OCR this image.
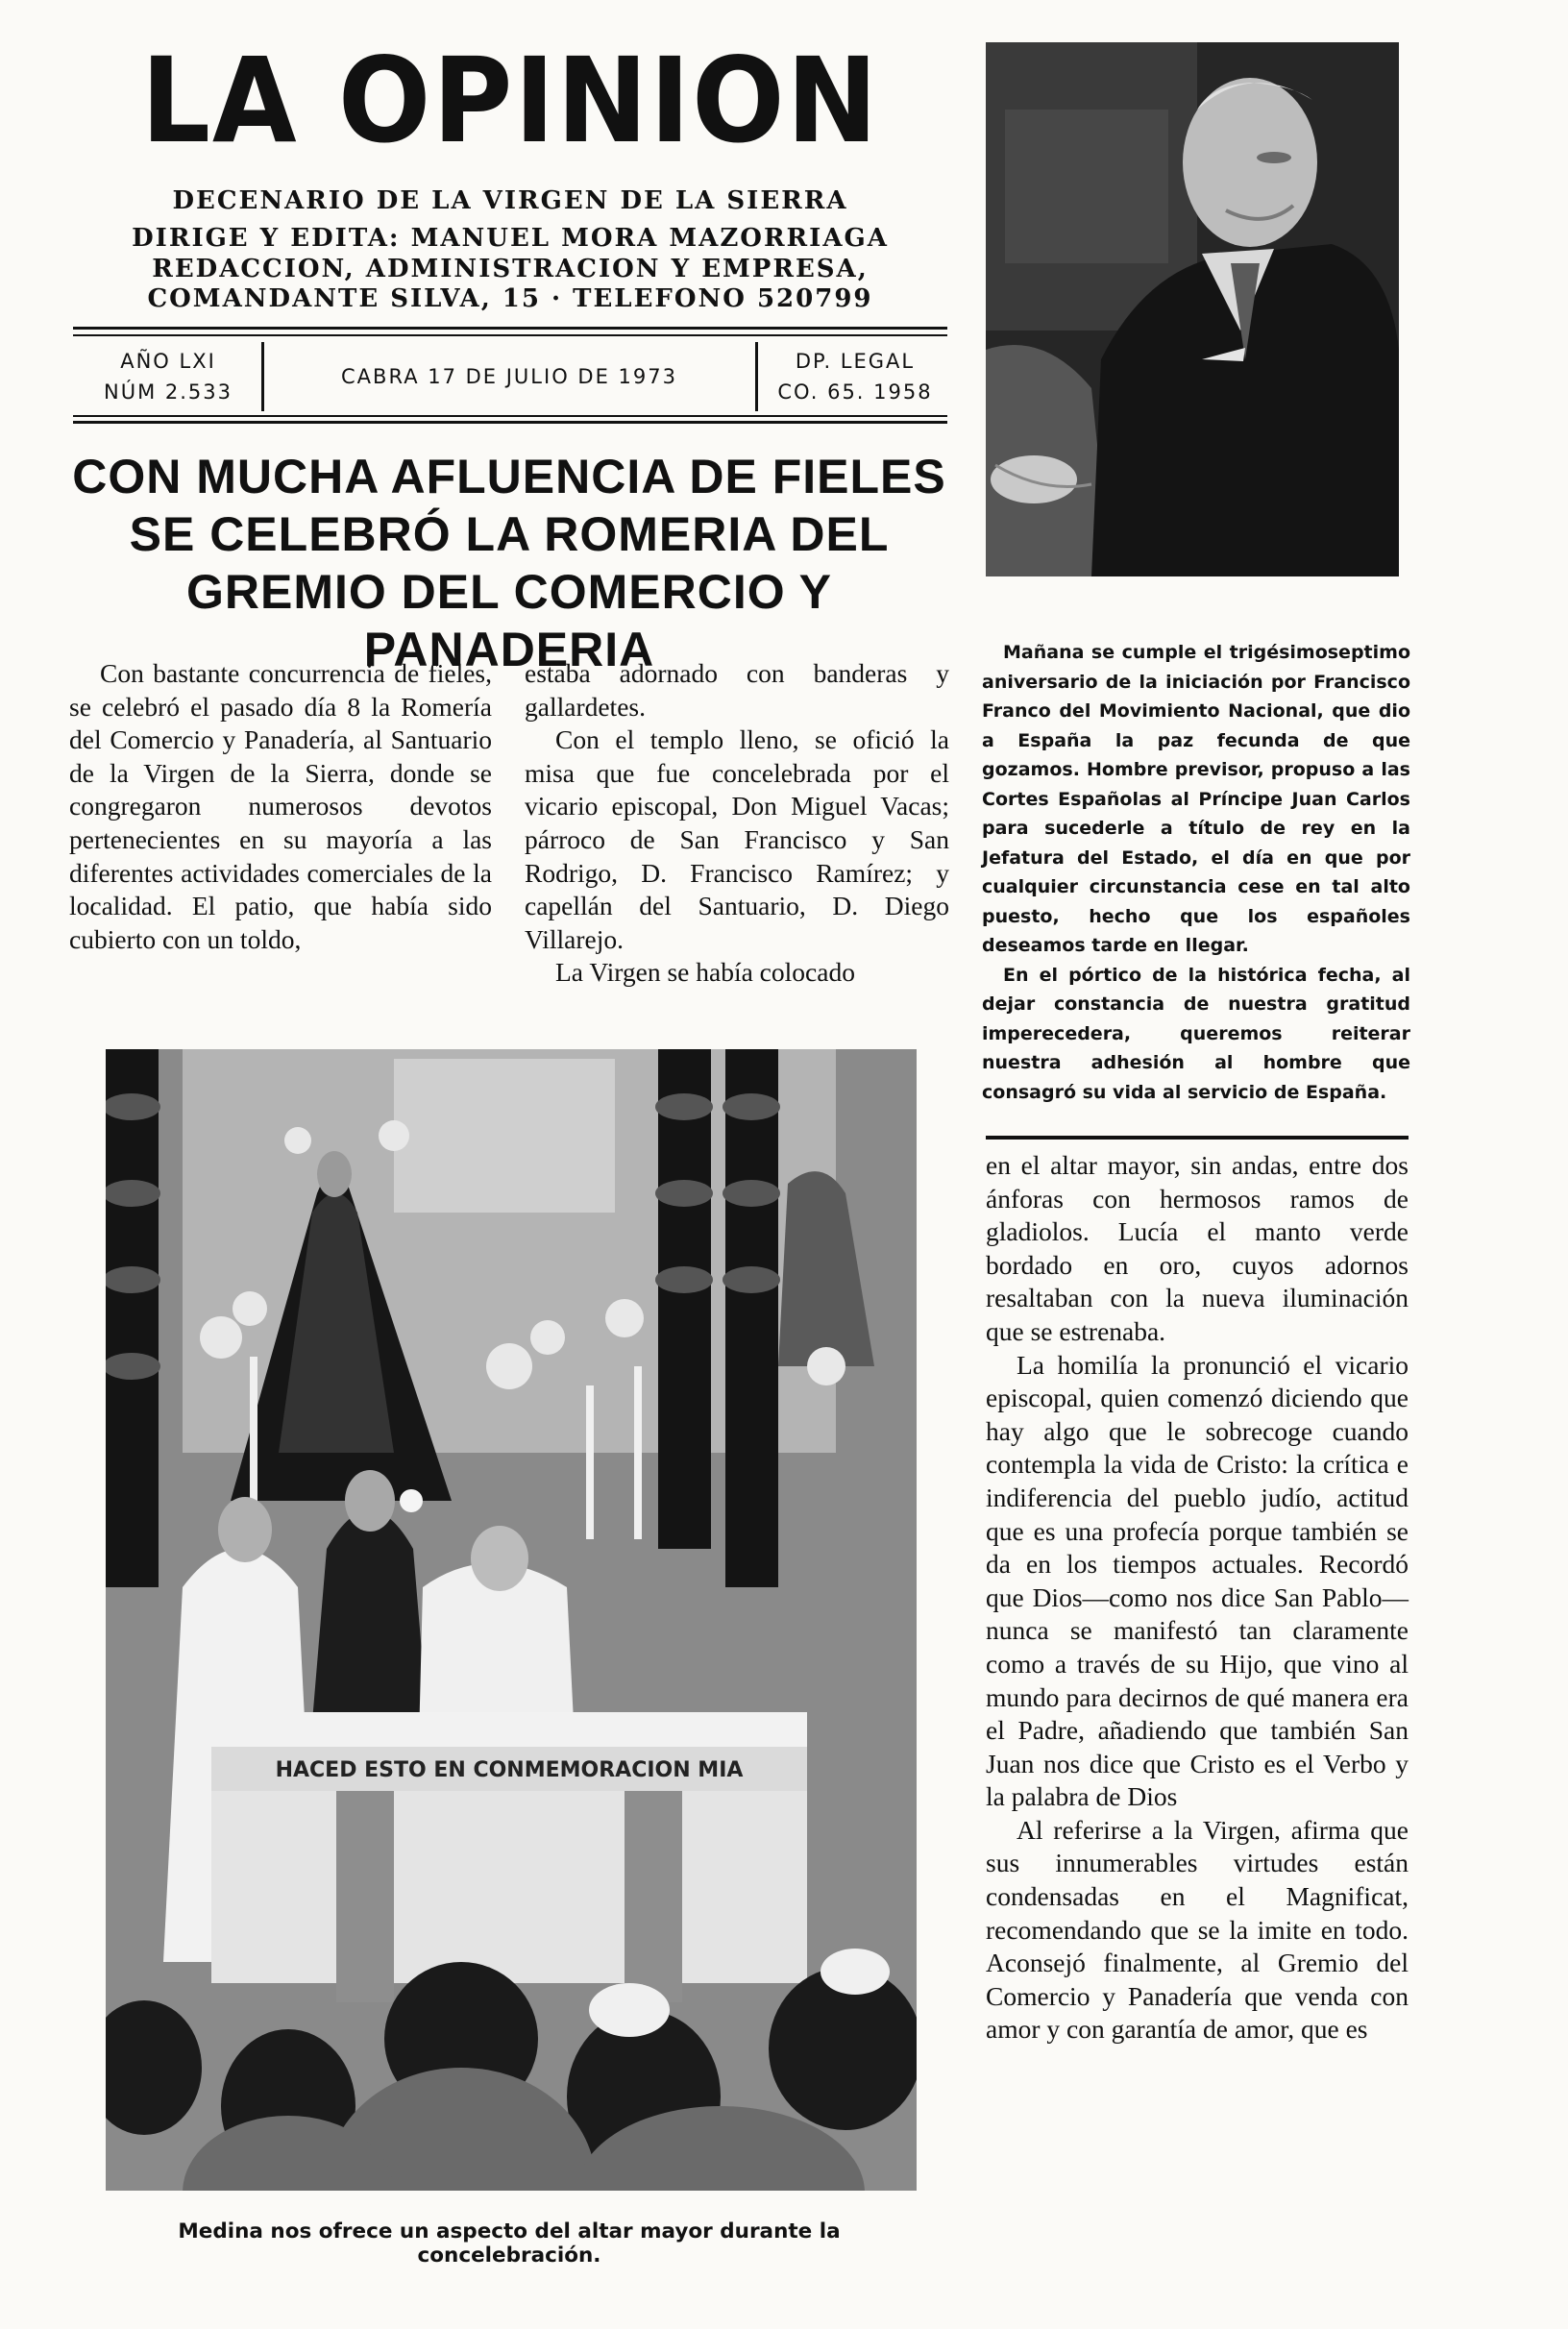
LA OPINION
DECENARIO DE LA VIRGEN DE LA SIERRA
DIRIGE Y EDITA: MANUEL MORA MAZORRIAGA
REDACCION, ADMINISTRACION Y EMPRESA,
COMANDANTE SILVA, 15 · TELEFONO 520799
AÑO LXI
NÚM 2.533
CABRA 17 DE JULIO DE 1973
DP. LEGAL
CO. 65. 1958
CON MUCHA AFLUENCIA DE FIELES
SE CELEBRÓ LA ROMERIA DEL
GREMIO DEL COMERCIO Y PANADERIA

Con bastante concurrencia de fieles, se celebró el pasado día 8 la Romería del Comercio y Panadería, al Santuario de la Virgen de la Sierra, donde se congregaron numerosos devotos pertenecientes en su mayoría a las diferentes actividades comerciales de la localidad. El patio, que había sido cubierto con un toldo,

estaba adornado con banderas y gallardetes.

Con el templo lleno, se ofició la misa que fue concelebrada por el vicario episcopal, Don Miguel Vacas; párroco de San Francisco y San Rodrigo, D. Francisco Ramírez; y capellán del Santuario, D. Diego Villarejo.

La Virgen se había colocado

Mañana se cumple el trigésimoseptimo aniversario de la iniciación por Francisco Franco del Movimiento Nacional, que dio a España la paz fecunda de que gozamos. Hombre previsor, propuso a las Cortes Españolas al Príncipe Juan Carlos para sucederle a título de rey en la Jefatura del Estado, el día en que por cualquier circunstancia cese en tal alto puesto, hecho que los españoles deseamos tarde en llegar.

En el pórtico de la histórica fecha, al dejar constancia de nuestra gratitud imperecedera, queremos reiterar nuestra adhesión al hombre que consagró su vida al servicio de España.

en el altar mayor, sin andas, entre dos ánforas con hermosos ramos de gladiolos. Lucía el manto verde bordado en oro, cuyos adornos resaltaban con la nueva iluminación que se estrenaba.

La homilía la pronunció el vicario episcopal, quien comenzó diciendo que hay algo que le sobrecoge cuando contempla la vida de Cristo: la crítica e indiferencia del pueblo judío, actitud que es una profecía porque también se da en los tiempos actuales. Recordó que Dios—como nos dice San Pablo— nunca se manifestó tan claramente como a través de su Hijo, que vino al mundo para decirnos de qué manera era el Padre, añadiendo que también San Juan nos dice que Cristo es el Verbo y la palabra de Dios

Al referirse a la Virgen, afirma que sus innumerables virtudes están condensadas en el Magnificat, recomendando que se la imite en todo. Aconsejó finalmente, al Gremio del Comercio y Panadería que venda con amor y con garantía de amor, que es

HACED ESTO EN CONMEMORACION MIA
Medina nos ofrece un aspecto del altar mayor durante la concelebración.
